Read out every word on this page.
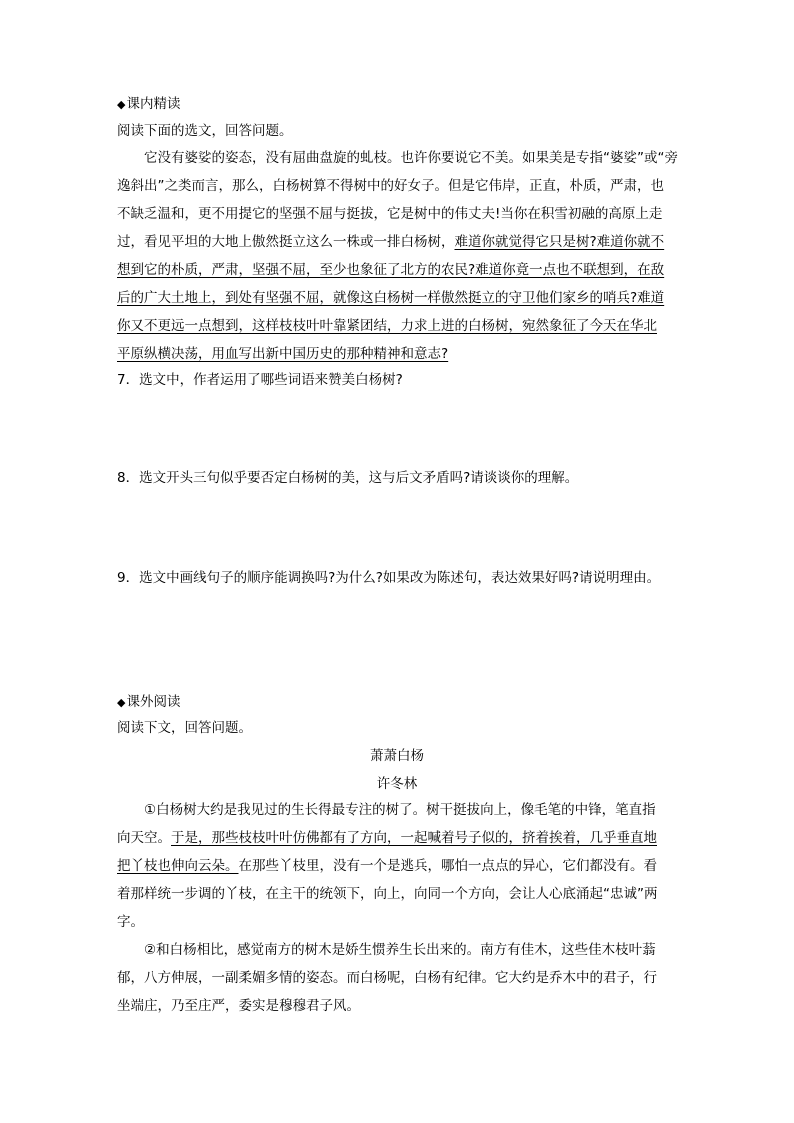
◆课内精读
阅读下面的选文，回答问题。
它没有婆娑的姿态，没有屈曲盘旋的虬枝。也许你要说它不美。如果美是专指“婆娑”或“旁
逸斜出”之类而言，那么，白杨树算不得树中的好女子。但是它伟岸，正直，朴质，严肃，也
不缺乏温和，更不用提它的坚强不屈与挺拔，它是树中的伟丈夫!当你在积雪初融的高原上走
过，看见平坦的大地上傲然挺立这么一株或一排白杨树，难道你就觉得它只是树?难道你就不
想到它的朴质，严肃，坚强不屈，至少也象征了北方的农民?难道你竟一点也不联想到，在敌
后的广大土地上，到处有坚强不屈，就像这白杨树一样傲然挺立的守卫他们家乡的哨兵?难道
你又不更远一点想到，这样枝枝叶叶靠紧团结，力求上进的白杨树，宛然象征了今天在华北
平原纵横决荡，用血写出新中国历史的那种精神和意志?
7．选文中，作者运用了哪些词语来赞美白杨树?
8．选文开头三句似乎要否定白杨树的美，这与后文矛盾吗?请谈谈你的理解。
9．选文中画线句子的顺序能调换吗?为什么?如果改为陈述句，表达效果好吗?请说明理由。
◆课外阅读
阅读下文，回答问题。
萧萧白杨
许冬林
①白杨树大约是我见过的生长得最专注的树了。树干挺拔向上，像毛笔的中锋，笔直指
向天空。于是，那些枝枝叶叶仿佛都有了方向，一起喊着号子似的，挤着挨着，几乎垂直地
把丫枝也伸向云朵。在那些丫枝里，没有一个是逃兵，哪怕一点点的异心，它们都没有。看
着那样统一步调的丫枝，在主干的统领下，向上，向同一个方向，会让人心底涌起“忠诚”两
字。
②和白杨相比，感觉南方的树木是娇生惯养生长出来的。南方有佳木，这些佳木枝叶蓊
郁，八方伸展，一副柔媚多情的姿态。而白杨呢，白杨有纪律。它大约是乔木中的君子，行
坐端庄，乃至庄严，委实是穆穆君子风。
